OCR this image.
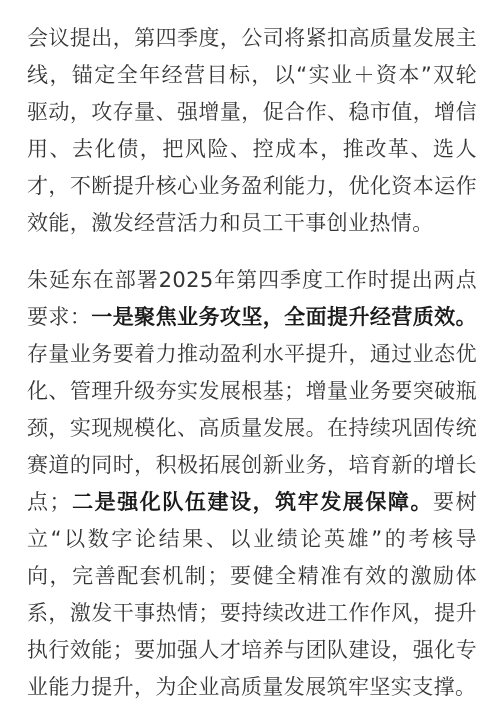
会议提出，第四季度，公司将紧扣高质量发展主线，锚定全年经营目标，以“实业＋资本”双轮驱动，攻存量、强增量，促合作、稳市值，增信用、去化债，把风险、控成本，推改革、选人才，不断提升核心业务盈利能力，优化资本运作效能，激发经营活力和员工干事创业热情。

朱延东在部署2025年第四季度工作时提出两点要求：一是聚焦业务攻坚，全面提升经营质效。存量业务要着力推动盈利水平提升，通过业态优化、管理升级夯实发展根基；增量业务要突破瓶颈，实现规模化、高质量发展。在持续巩固传统赛道的同时，积极拓展创新业务，培育新的增长点；二是强化队伍建设，筑牢发展保障。要树立“以数字论结果、以业绩论英雄”的考核导向，完善配套机制；要健全精准有效的激励体系，激发干事热情；要持续改进工作作风，提升执行效能；要加强人才培养与团队建设，强化专业能力提升，为企业高质量发展筑牢坚实支撑。
